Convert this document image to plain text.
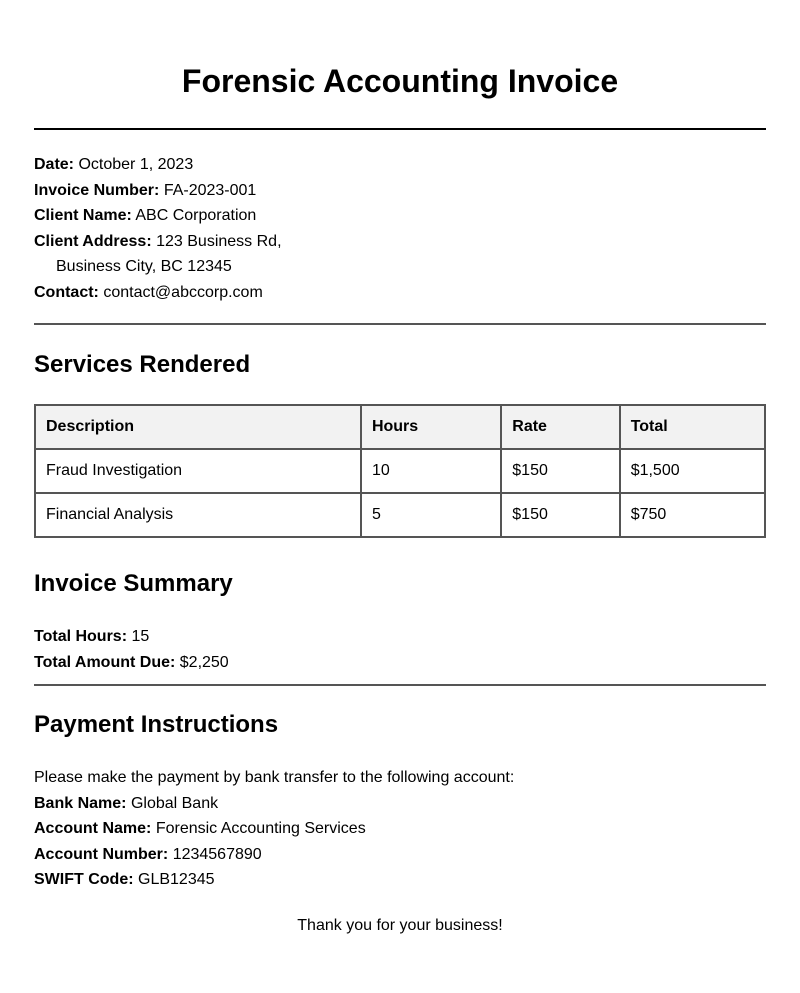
Forensic Accounting Invoice
Date: October 1, 2023
Invoice Number: FA-2023-001
Client Name: ABC Corporation
Client Address: 123 Business Rd,
Business City, BC 12345
Contact: contact@abccorp.com
Services Rendered
Description	Hours	Rate	Total
Fraud Investigation	10	$150	$1,500
Financial Analysis	5	$150	$750
Invoice Summary
Total Hours: 15
Total Amount Due: $2,250
Payment Instructions
Please make the payment by bank transfer to the following account:
Bank Name: Global Bank
Account Name: Forensic Accounting Services
Account Number: 1234567890
SWIFT Code: GLB12345
Thank you for your business!
